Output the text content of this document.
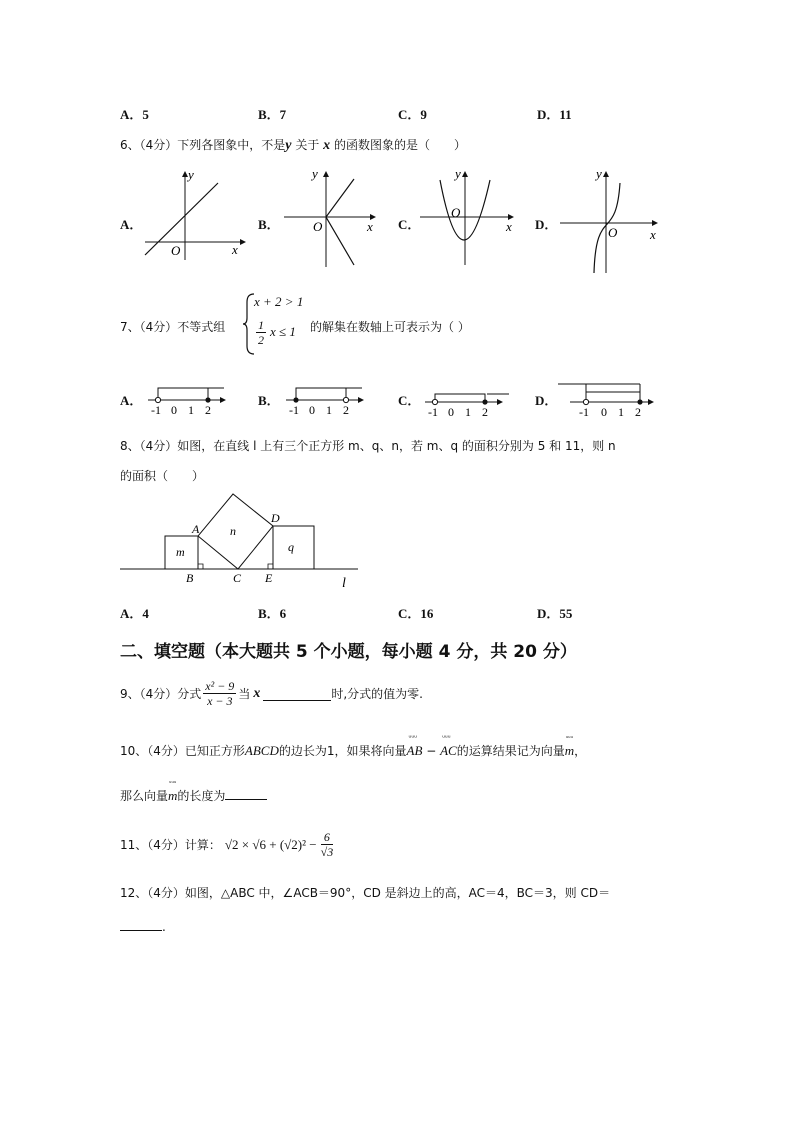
A．5	B．7	C．9	D．11
6、（4分）下列各图象中，不是y 关于 x 的函数图象的是（　　）
A．	B．	C．	D．
y
x
O
y
x
O
y
x
O
y
x
O
7、（4分）不等式组
x + 2 > 1
$\frac{1}{2}$ x ≤ 1 的解集在数轴上可表示为（ ）
A．	B．	C．	D．
-1 0 1 2	-1 0 1 2	-1 0 1 2	-1 0 1 2
8、（4分）如图，在直线 l 上有三个正方形 m、q、n，若 m、q 的面积分别为 5 和 11，则 n
的面积（　　）
m
n
q
A
B	C
D
E	l
A．4	B．6	C．16	D．55
二、填空题（本大题共 5 个小题，每小题 4 分，共 20 分）
9、（4分）分式 $\frac{\text{x² − 9}}{x - 3}$ 当 x	时,分式的值为零.
10、（4分）已知正方形ABCD的边长为1，如果将向量
ᵘᵘᵘ
AB −
ᵘᵘᵘ
AC的运算结果记为向量
ᵘᵘᵘ
m，
那么向量
ᵘᵘᵘ
m的长度为
11、（4分）计算： $√2 \times √6 + (√2)^2 - \frac{6}{√3}$
12、（4分）如图，△ABC 中，∠ACB＝90°，CD 是斜边上的高，AC＝4，BC＝3，则 CD＝
.
